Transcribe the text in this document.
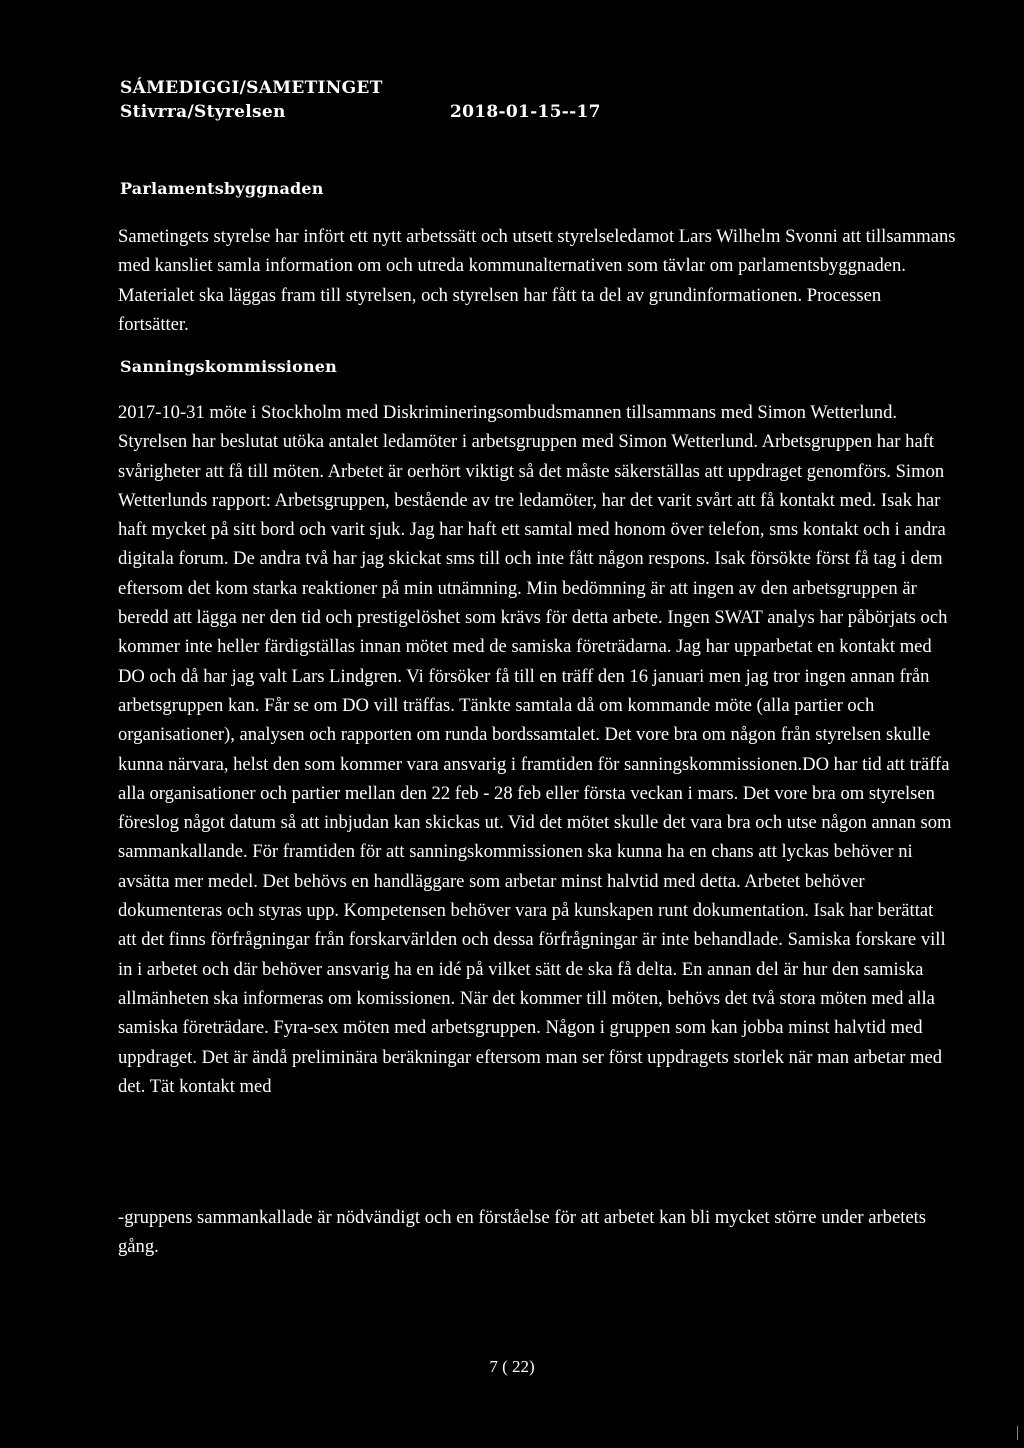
SÁMEDIGGI/SAMETINGET
Stivrra/Styrelsen	2018-01-15--17
Parlamentsbyggnaden

Sametingets styrelse har infört ett nytt arbetssätt och utsett styrelseledamot Lars Wilhelm Svonni att tillsammans med kansliet samla information om och utreda kommunalternativen som tävlar om parlamentsbyggnaden. Materialet ska läggas fram till styrelsen, och styrelsen har fått ta del av grundinformationen. Processen fortsätter.

Sanningskommissionen

2017-10-31 möte i Stockholm med Diskrimineringsombudsmannen tillsammans med Simon Wetterlund. Styrelsen har beslutat utöka antalet ledamöter i arbetsgruppen med Simon Wetterlund. Arbetsgruppen har haft svårigheter att få till möten. Arbetet är oerhört viktigt så det måste säkerställas att uppdraget genomförs. Simon Wetterlunds rapport: Arbetsgruppen, bestående av tre ledamöter, har det varit svårt att få kontakt med. Isak har haft mycket på sitt bord och varit sjuk. Jag har haft ett samtal med honom över telefon, sms kontakt och i andra digitala forum. De andra två har jag skickat sms till och inte fått någon respons. Isak försökte först få tag i dem eftersom det kom starka reaktioner på min utnämning. Min bedömning är att ingen av den arbetsgruppen är beredd att lägga ner den tid och prestigelöshet som krävs för detta arbete. Ingen SWAT analys har påbörjats och kommer inte heller färdigställas innan mötet med de samiska företrädarna. Jag har upparbetat en kontakt med DO och då har jag valt Lars Lindgren. Vi försöker få till en träff den 16 januari men jag tror ingen annan från arbetsgruppen kan. Får se om DO vill träffas. Tänkte samtala då om kommande möte (alla partier och organisationer), analysen och rapporten om runda bordssamtalet. Det vore bra om någon från styrelsen skulle kunna närvara, helst den som kommer vara ansvarig i framtiden för sanningskommissionen.DO har tid att träffa alla organisationer och partier mellan den 22 feb - 28 feb eller första veckan i mars. Det vore bra om styrelsen föreslog något datum så att inbjudan kan skickas ut. Vid det mötet skulle det vara bra och utse någon annan som sammankallande. För framtiden för att sanningskommissionen ska kunna ha en chans att lyckas behöver ni avsätta mer medel. Det behövs en handläggare som arbetar minst halvtid med detta. Arbetet behöver dokumenteras och styras upp. Kompetensen behöver vara på kunskapen runt dokumentation. Isak har berättat att det finns förfrågningar från forskarvärlden och dessa förfrågningar är inte behandlade. Samiska forskare vill in i arbetet och där behöver ansvarig ha en idé på vilket sätt de ska få delta. En annan del är hur den samiska allmänheten ska informeras om komissionen. När det kommer till möten, behövs det två stora möten med alla samiska företrädare. Fyra-sex möten med arbetsgruppen. Någon i gruppen som kan jobba minst halvtid med uppdraget. Det är ändå preliminära beräkningar eftersom man ser först uppdragets storlek när man arbetar med det. Tät kontakt med

-gruppens sammankallade är nödvändigt och en förståelse för att arbetet kan bli mycket större under arbetets gång.

7 ( 22)
